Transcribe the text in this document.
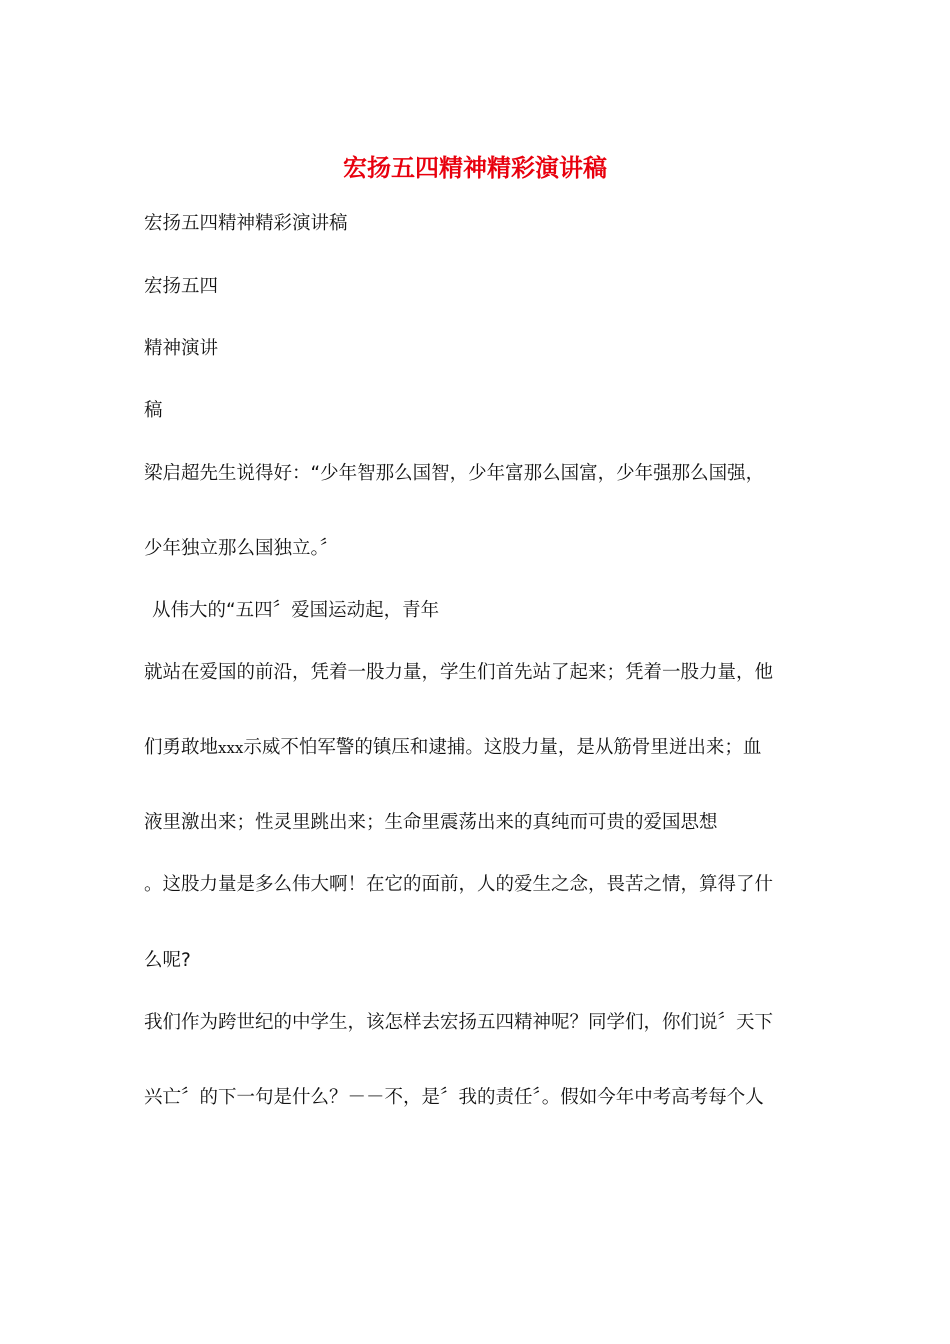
宏扬五四精神精彩演讲稿

宏扬五四精神精彩演讲稿

宏扬五四

精神演讲

稿

梁启超先生说得好：“少年智那么国智，少年富那么国富，少年强那么国强，

少年独立那么国独立。〞

从伟大的“五四〞爱国运动起，青年

就站在爱国的前沿，凭着一股力量，学生们首先站了起来；凭着一股力量，他

们勇敢地xxx示威不怕军警的镇压和逮捕。这股力量，是从筋骨里迸出来；血

液里激出来；性灵里跳出来；生命里震荡出来的真纯而可贵的爱国思想

。这股力量是多么伟大啊！在它的面前，人的爱生之念，畏苦之情，算得了什

么呢?

我们作为跨世纪的中学生，该怎样去宏扬五四精神呢？同学们，你们说〞天下

兴亡〞的下一句是什么？－－不，是〞我的责任〞。假如今年中考高考每个人
